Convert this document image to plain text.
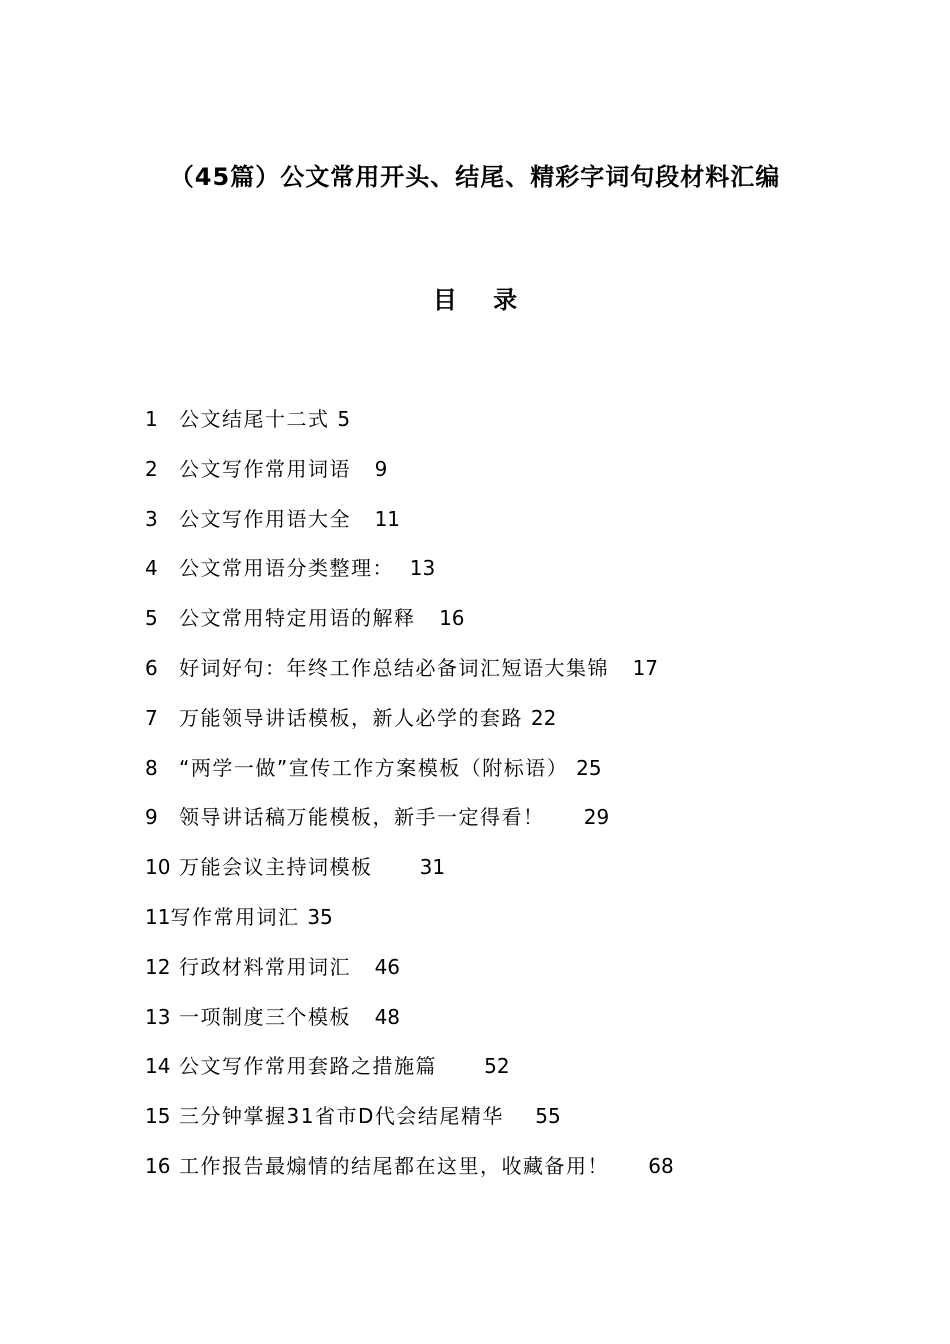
（45篇）公文常用开头、结尾、精彩字词句段材料汇编
目 录
1 公文结尾十二式 5
2 公文写作常用词语 9
3 公文写作用语大全 11
4 公文常用语分类整理： 13
5 公文常用特定用语的解释 16
6 好词好句：年终工作总结必备词汇短语大集锦 17
7 万能领导讲话模板，新人必学的套路 22
8 “两学一做”宣传工作方案模板（附标语） 25
9 领导讲话稿万能模板，新手一定得看！ 29
10 万能会议主持词模板 31
11写作常用词汇 35
12 行政材料常用词汇 46
13 一项制度三个模板 48
14 公文写作常用套路之措施篇 52
15 三分钟掌握31省市D代会结尾精华 55
16 工作报告最煽情的结尾都在这里，收藏备用！ 68
